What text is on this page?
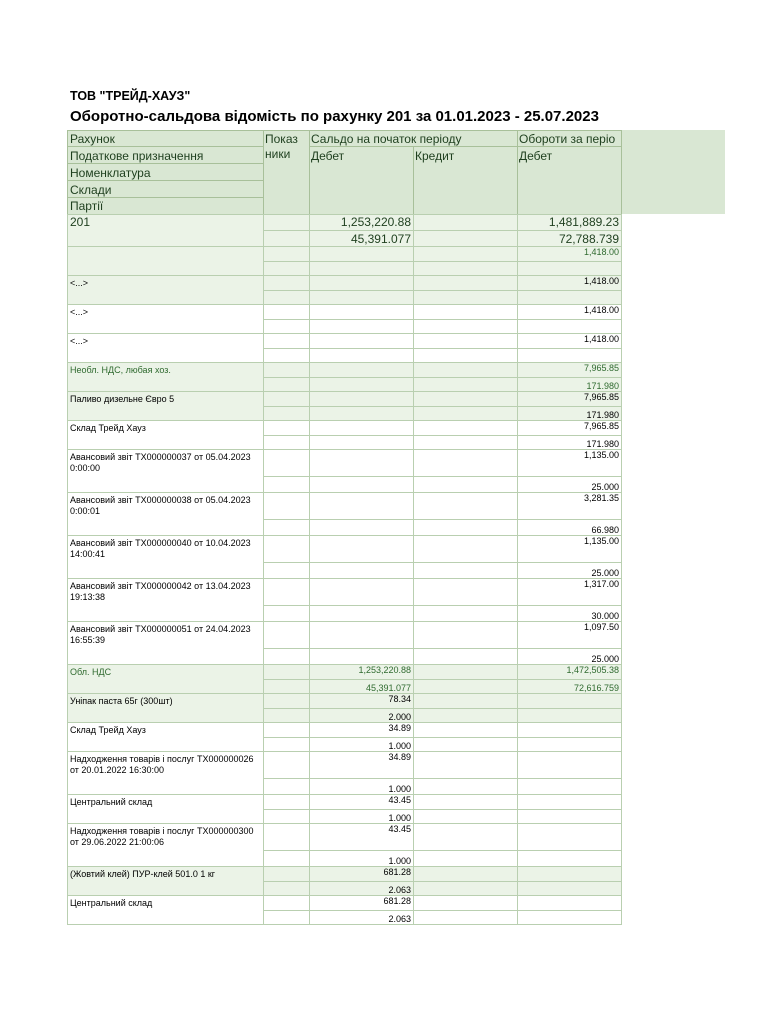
ТОВ "ТРЕЙД-ХАУЗ"
Оборотно-сальдова відомість по рахунку 201 за 01.01.2023 - 25.07.2023
Рахунок
Податкове призначення
Номенклатура
Склади
Партії
Показ ники
Сальдо на початок періоду	Обороти за періо
Дебет	Кредит	Дебет
201		1,253,220.88		1,481,889.23
		45,391.077		72,788.739
				1,418.00

<...>				1,418.00

<...>				1,418.00

<...>				1,418.00

Необл. НДС, любая хоз.				7,965.85
				171.980
Паливо дизельне Євро 5				7,965.85
				171.980
Склад Трейд Хауз				7,965.85
				171.980
Авансовий звіт ТХ000000037 от 05.04.2023 0:00:00				1,135.00
				25.000
Авансовий звіт ТХ000000038 от 05.04.2023 0:00:01				3,281.35
				66.980
Авансовий звіт ТХ000000040 от 10.04.2023 14:00:41				1,135.00
				25.000
Авансовий звіт ТХ000000042 от 13.04.2023 19:13:38				1,317.00
				30.000
Авансовий звіт ТХ000000051 от 24.04.2023 16:55:39				1,097.50
				25.000
Обл. НДС		1,253,220.88		1,472,505.38
		45,391.077		72,616.759
Уніпак паста 65г (300шт)		78.34		
		2.000		
Склад Трейд Хауз		34.89		
		1.000		
Надходження товарів і послуг ТХ000000026 от 20.01.2022 16:30:00		34.89		
		1.000		
Центральний склад		43.45		
		1.000		
Надходження товарів і послуг ТХ000000300 от 29.06.2022 21:00:06		43.45		
		1.000		
(Жовтий клей) ПУР-клей 501.0 1 кг		681.28		
		2.063		
Центральний склад		681.28		
		2.063		
